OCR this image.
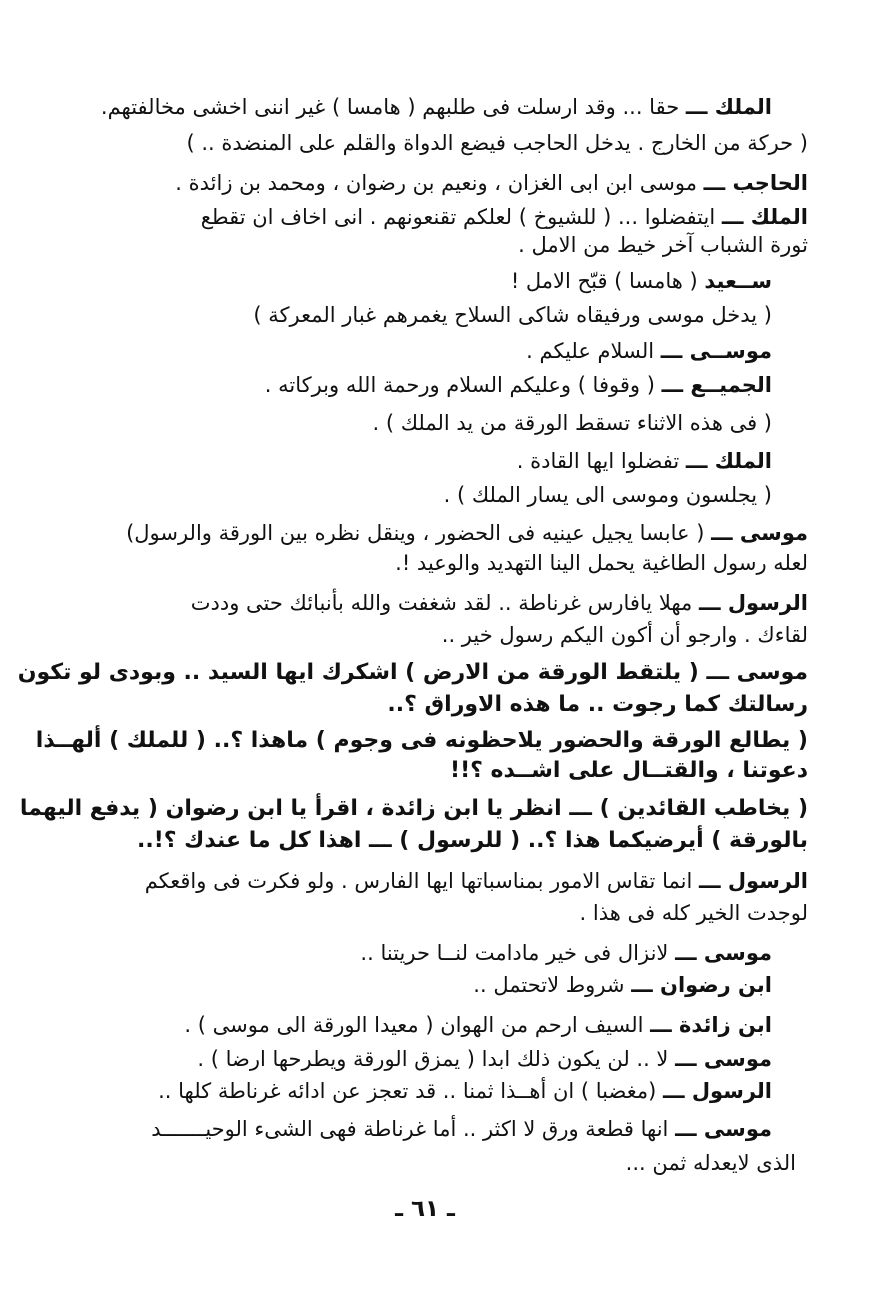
الملك ـــ حقا ... وقد ارسلت فى طلبهم ( هامسا ) غير اننى اخشى مخالفتهم.
( حركة من الخارج . يدخل الحاجب فيضع الدواة والقلم على المنضدة .. )
الحاجب ـــ موسى ابن ابى الغزان ، ونعيم بن رضوان ، ومحمد بن زائدة .
الملك ـــ ايتفضلوا ... ( للشيوخ ) لعلكم تقنعونهم . انى اخاف ان تقطع
ثورة الشباب آخر خيط من الامل .
ســعيد ( هامسا ) قبّح الامل !
( يدخل موسى ورفيقاه شاكى السلاح يغمرهم غبار المعركة )
موســى ـــ السلام عليكم .
الجميــع ـــ ( وقوفا ) وعليكم السلام ورحمة الله وبركاته .
( فى هذه الاثناء تسقط الورقة من يد الملك ) .
الملك ـــ تفضلوا ايها القادة .
( يجلسون وموسى الى يسار الملك ) .
موسى ـــ ( عابسا يجيل عينيه فى الحضور ، وينقل نظره بين الورقة والرسول)
لعله رسول الطاغية يحمل الينا التهديد والوعيد !.
الرسول ـــ مهلا يافارس غرناطة .. لقد شغفت والله بأنبائك حتى وددت
لقاءك . وارجو أن أكون اليكم رسول خير ..
موسى ـــ ( يلتقط الورقة من الارض ) اشكرك ايها السيد .. وبودى لو تكون
رسالتك كما رجوت .. ما هذه الاوراق ؟..
( يطالع الورقة والحضور يلاحظونه فى وجوم ) ماهذا ؟.. ( للملك ) ألهــذا
دعوتنا ، والقتــال على اشــده ؟!!
( يخاطب القائدين ) ـــ انظر يا ابن زائدة ، اقرأ يا ابن رضوان ( يدفع اليهما
بالورقة ) أيرضيكما هذا ؟.. ( للرسول ) ـــ اهذا كل ما عندك ؟!..
الرسول ـــ انما تقاس الامور بمناسباتها ايها الفارس . ولو فكرت فى واقعكم
لوجدت الخير كله فى هذا .
موسى ـــ لانزال فى خير مادامت لنــا حريتنا ..
ابن رضوان ـــ شروط لاتحتمل ..
ابن زائدة ـــ السيف ارحم من الهوان ( معيدا الورقة الى موسى ) .
موسى ـــ لا .. لن يكون ذلك ابدا ( يمزق الورقة ويطرحها ارضا ) .
الرسول ـــ (مغضبا ) ان أهــذا ثمنا .. قد تعجز عن ادائه غرناطة كلها ..
موسى ـــ انها قطعة ورق لا اكثر .. أما غرناطة فهى الشىء الوحيـــــــد
الذى لايعدله ثمن ...
ـ ٦١ ـ
